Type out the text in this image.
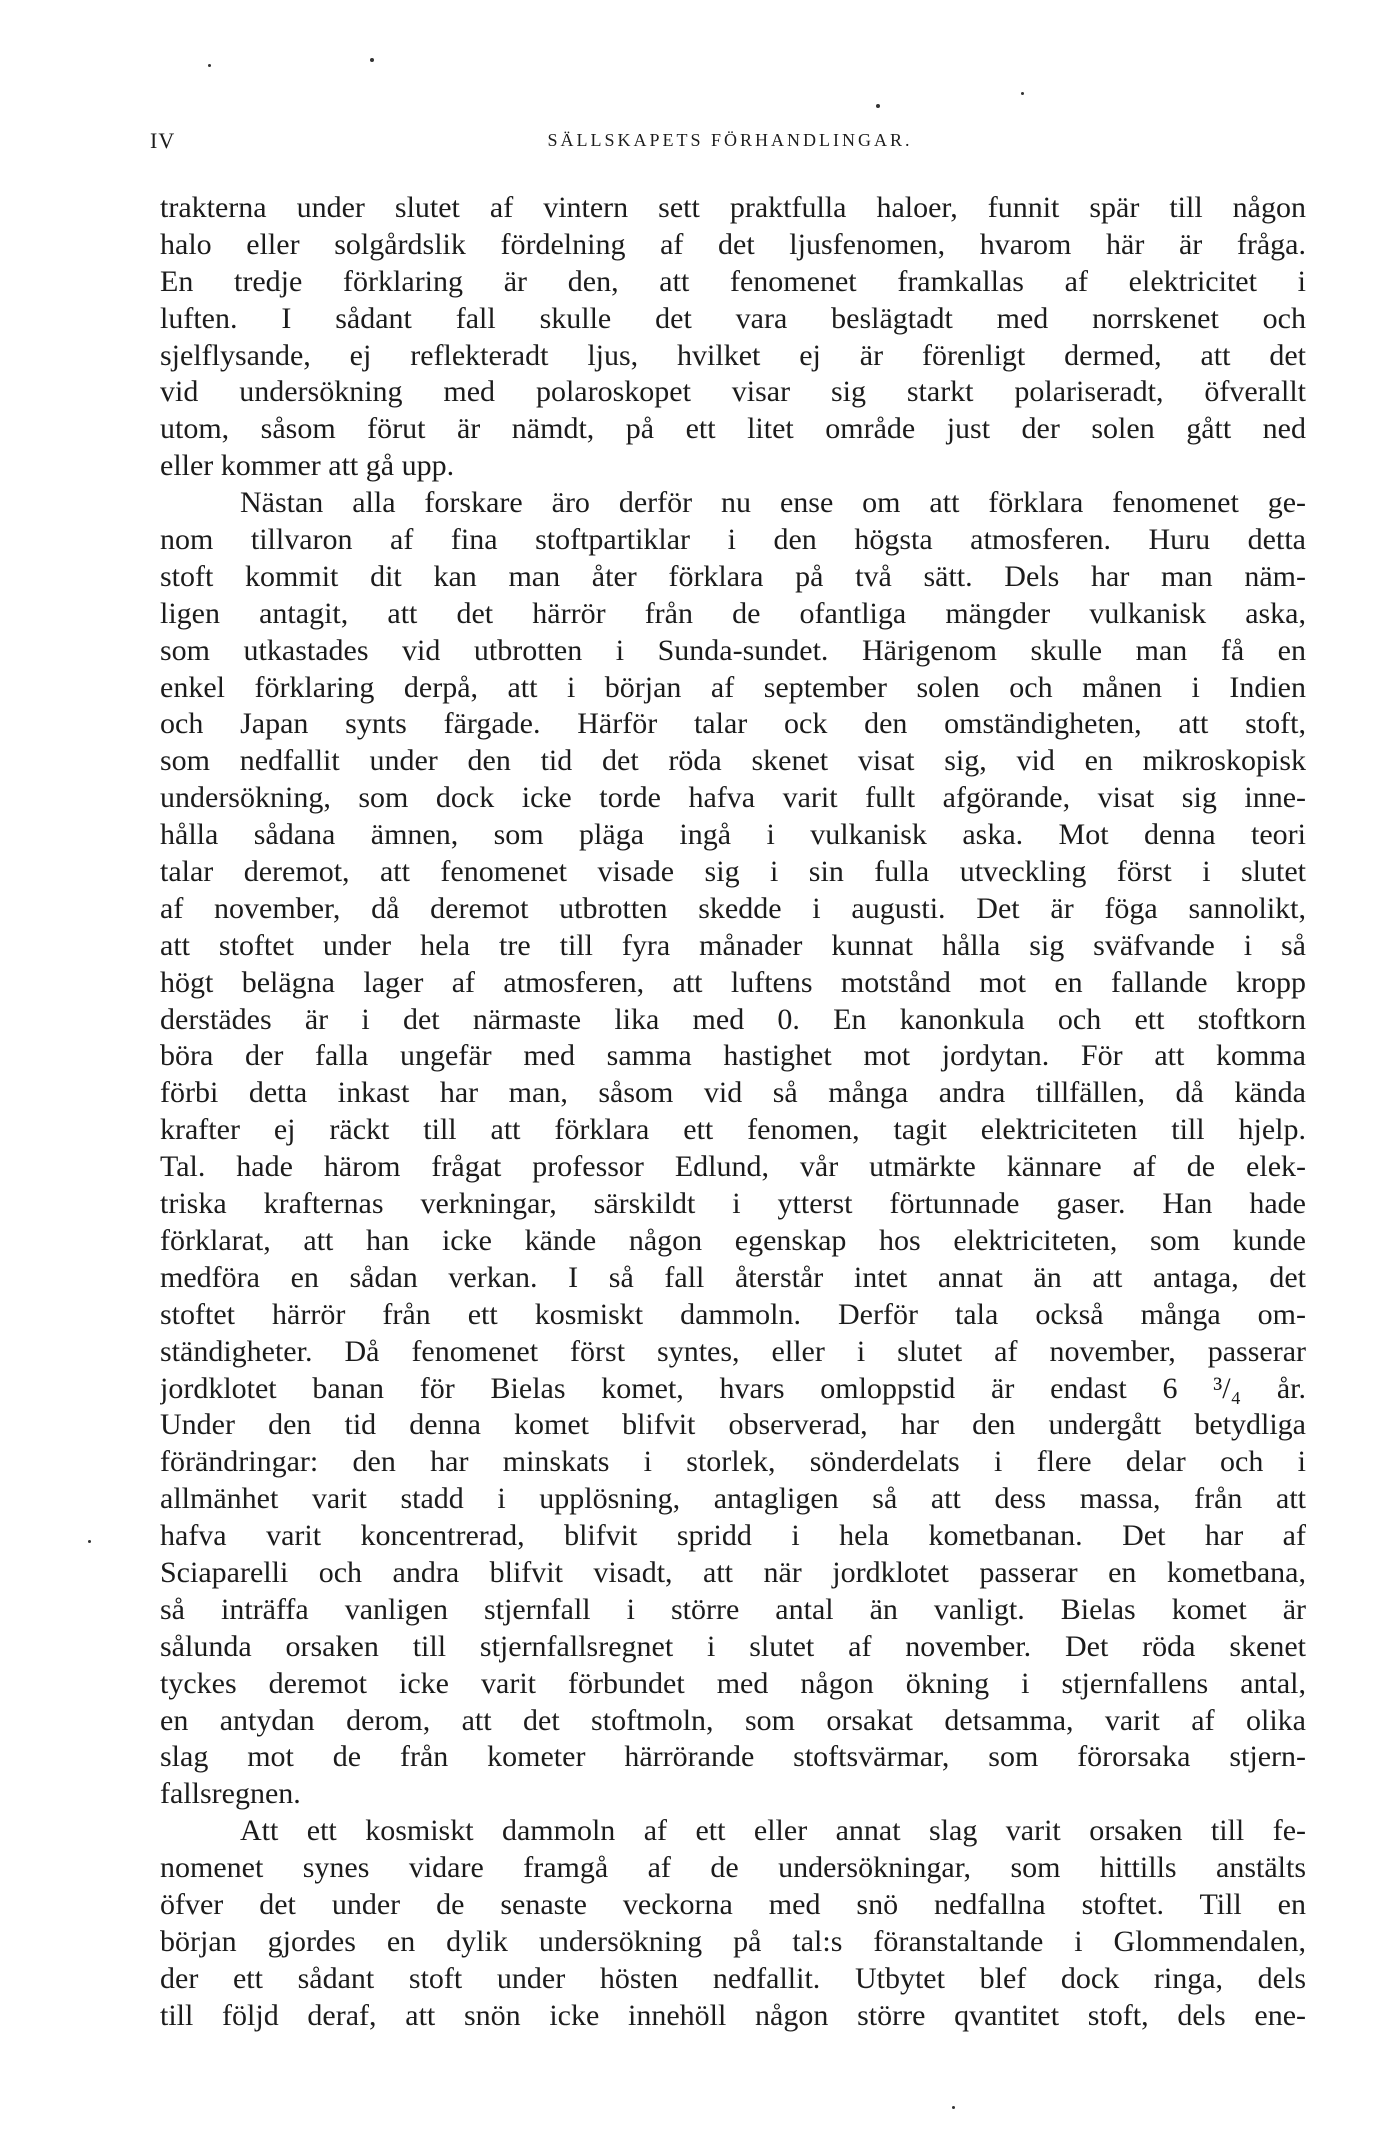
IV	SÄLLSKAPETS FÖRHANDLINGAR.
trakterna under slutet af vintern sett praktfulla haloer, funnit spär till någon
halo eller solgårdslik fördelning af det ljusfenomen, hvarom här är fråga.
En tredje förklaring är den, att fenomenet framkallas af elektricitet i
luften. I sådant fall skulle det vara beslägtadt med norrskenet och
sjelflysande, ej reflekteradt ljus, hvilket ej är förenligt dermed, att det
vid undersökning med polaroskopet visar sig starkt polariseradt, öfverallt
utom, såsom förut är nämdt, på ett litet område just der solen gått ned
eller kommer att gå upp.
Nästan alla forskare äro derför nu ense om att förklara fenomenet ge-
nom tillvaron af fina stoftpartiklar i den högsta atmosferen. Huru detta
stoft kommit dit kan man åter förklara på två sätt. Dels har man näm-
ligen antagit, att det härrör från de ofantliga mängder vulkanisk aska,
som utkastades vid utbrotten i Sunda-sundet. Härigenom skulle man få en
enkel förklaring derpå, att i början af september solen och månen i Indien
och Japan synts färgade. Härför talar ock den omständigheten, att stoft,
som nedfallit under den tid det röda skenet visat sig, vid en mikroskopisk
undersökning, som dock icke torde hafva varit fullt afgörande, visat sig inne-
hålla sådana ämnen, som pläga ingå i vulkanisk aska. Mot denna teori
talar deremot, att fenomenet visade sig i sin fulla utveckling först i slutet
af november, då deremot utbrotten skedde i augusti. Det är föga sannolikt,
att stoftet under hela tre till fyra månader kunnat hålla sig sväfvande i så
högt belägna lager af atmosferen, att luftens motstånd mot en fallande kropp
derstädes är i det närmaste lika med 0. En kanonkula och ett stoftkorn
böra der falla ungefär med samma hastighet mot jordytan. För att komma
förbi detta inkast har man, såsom vid så många andra tillfällen, då kända
krafter ej räckt till att förklara ett fenomen, tagit elektriciteten till hjelp.
Tal. hade härom frågat professor Edlund, vår utmärkte kännare af de elek-
triska krafternas verkningar, särskildt i ytterst förtunnade gaser. Han hade
förklarat, att han icke kände någon egenskap hos elektriciteten, som kunde
medföra en sådan verkan. I så fall återstår intet annat än att antaga, det
stoftet härrör från ett kosmiskt dammoln. Derför tala också många om-
ständigheter. Då fenomenet först syntes, eller i slutet af november, passerar
jordklotet banan för Bielas komet, hvars omloppstid är endast 6 ³/₄ år.
Under den tid denna komet blifvit observerad, har den undergått betydliga
förändringar: den har minskats i storlek, sönderdelats i flere delar och i
allmänhet varit stadd i upplösning, antagligen så att dess massa, från att
hafva varit koncentrerad, blifvit spridd i hela kometbanan. Det har af
Sciaparelli och andra blifvit visadt, att när jordklotet passerar en kometbana,
så inträffa vanligen stjernfall i större antal än vanligt. Bielas komet är
sålunda orsaken till stjernfallsregnet i slutet af november. Det röda skenet
tyckes deremot icke varit förbundet med någon ökning i stjernfallens antal,
en antydan derom, att det stoftmoln, som orsakat detsamma, varit af olika
slag mot de från kometer härrörande stoftsvärmar, som förorsaka stjern-
fallsregnen.
Att ett kosmiskt dammoln af ett eller annat slag varit orsaken till fe-
nomenet synes vidare framgå af de undersökningar, som hittills anstälts
öfver det under de senaste veckorna med snö nedfallna stoftet. Till en
början gjordes en dylik undersökning på tal:s föranstaltande i Glommendalen,
der ett sådant stoft under hösten nedfallit. Utbytet blef dock ringa, dels
till följd deraf, att snön icke innehöll någon större qvantitet stoft, dels ene-
